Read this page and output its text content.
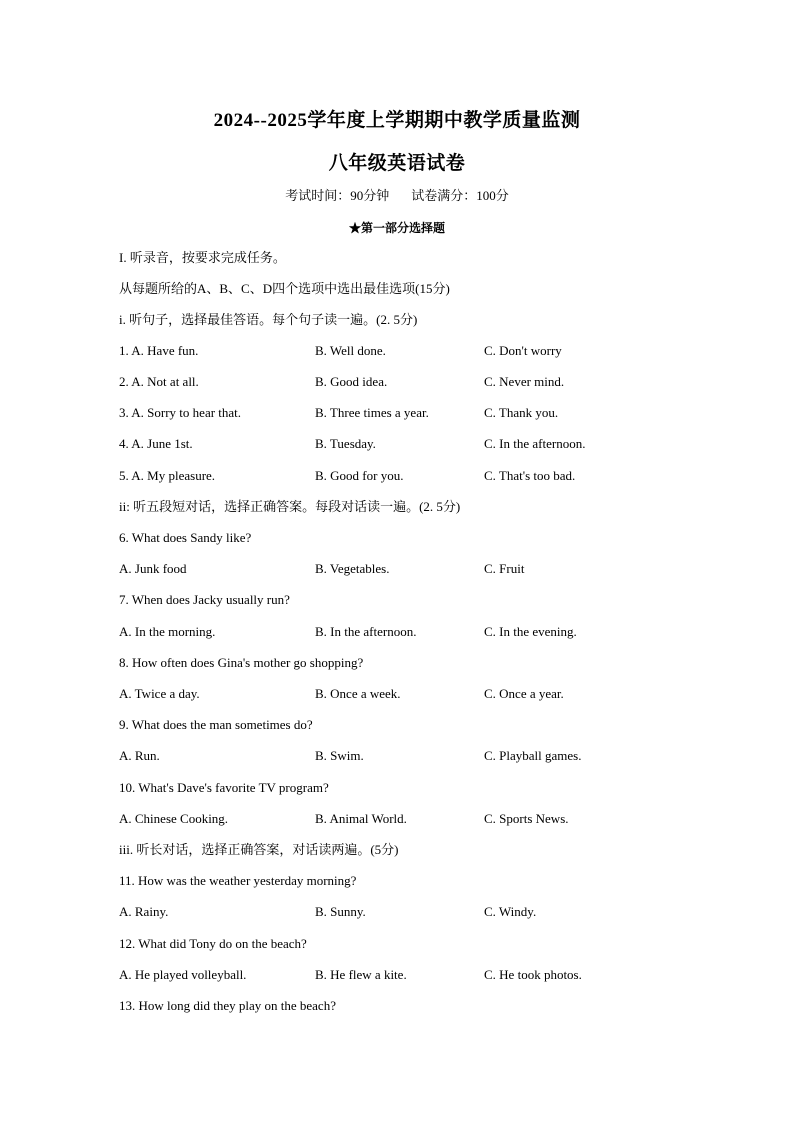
2024--2025学年度上学期期中教学质量监测
八年级英语试卷
考试时间：90分钟 试卷满分：100分
★第一部分选择题
I. 听录音，按要求完成任务。
从每题所给的A、B、C、D四个选项中选出最佳选项(15分)
i. 听句子，选择最佳答语。每个句子读一遍。(2. 5分)
1. A. Have fun.	B. Well done.	C. Don't worry
2. A. Not at all.	B. Good idea.	C. Never mind.
3. A. Sorry to hear that.	B. Three times a year.	C. Thank you.
4. A. June 1st.	B. Tuesday.	C. In the afternoon.
5. A. My pleasure.	B. Good for you.	C. That's too bad.
ii: 听五段短对话，选择正确答案。每段对话读一遍。(2. 5分)
6. What does Sandy like?
A. Junk food	B. Vegetables.	C. Fruit
7. When does Jacky usually run?
A. In the morning.	B. In the afternoon.	C. In the evening.
8. How often does Gina's mother go shopping?
A. Twice a day.	B. Once a week.	C. Once a year.
9. What does the man sometimes do?
A. Run.	B. Swim.	C. Playball games.
10. What's Dave's favorite TV program?
A. Chinese Cooking.	B. Animal World.	C. Sports News.
iii. 听长对话，选择正确答案，对话读两遍。(5分)
11. How was the weather yesterday morning?
A. Rainy.	B. Sunny.	C. Windy.
12. What did Tony do on the beach?
A. He played volleyball.	B. He flew a kite.	C. He took photos.
13. How long did they play on the beach?
